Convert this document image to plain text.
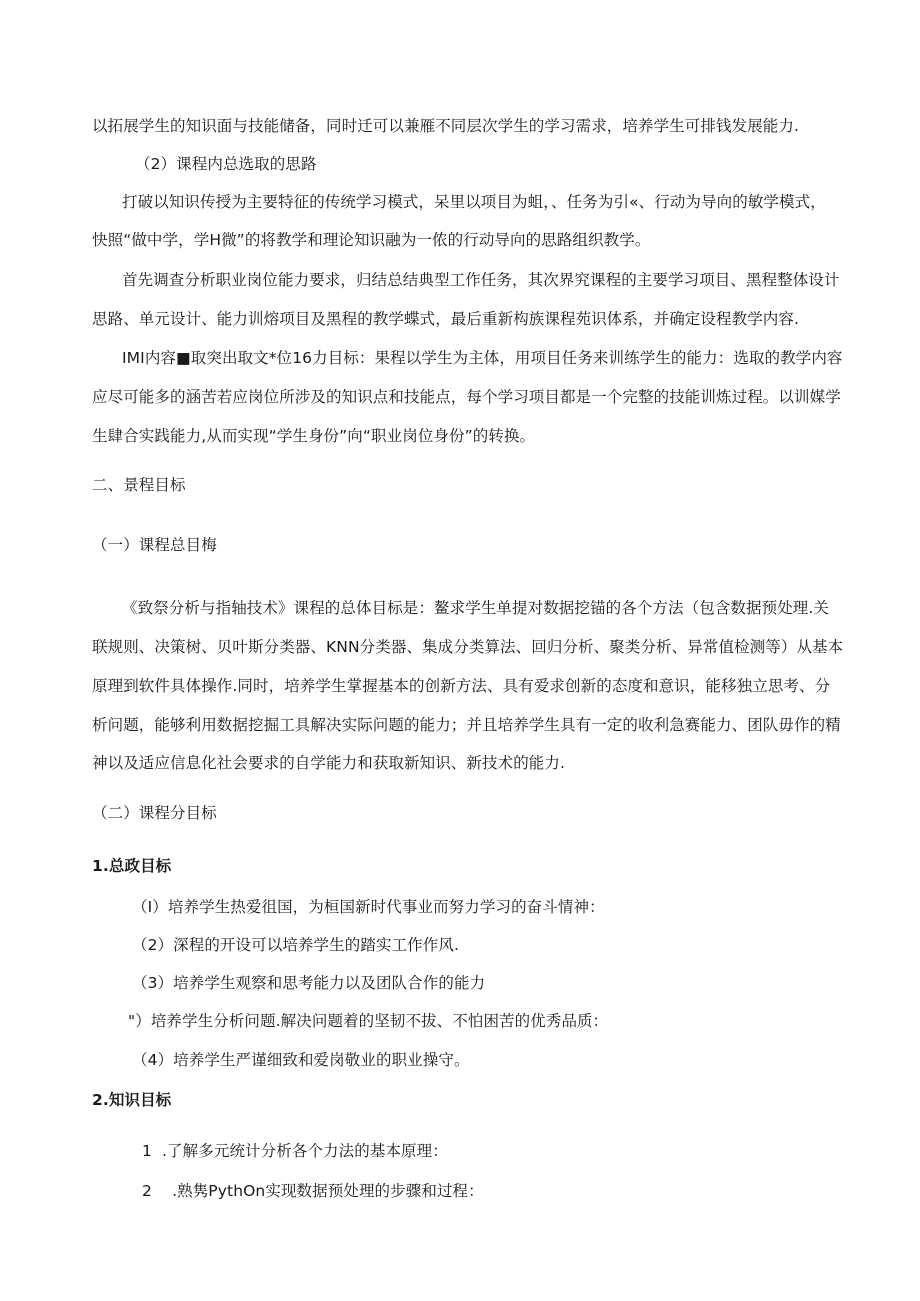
以拓展学生的知识面与技能储备，同时迁可以兼雁不同层次学生的学习需求，培养学生可排钱发展能力.
（2）课程内总选取的思路
打破以知识传授为主要特征的传统学习模式，呆里以项目为蛆，、任务为引«、行动为导向的敏学模式，
快照“做中学，学H微”的将教学和理论知识融为一侬的行动导向的思路组织教学。
首先调查分析职业岗位能力要求，归结总结典型工作任务，其次界究课程的主要学习项目、黑程整体设计
思路、单元设计、能力训熔项目及黑程的教学蝶式，最后重新构族课程苑识体系，并确定设程教学内容.
IMI内容■取突出取文*位16力目标：果程以学生为主体，用项目任务来训练学生的能力：选取的教学内容
应尽可能多的涵苦若应岗位所涉及的知识点和技能点，每个学习项目都是一个完整的技能训炼过程。以训媒学
生肆合实践能力,从而实现“学生身份”向“职业岗位身份”的转换。
二、景程目标
（一）课程总目梅
《致祭分析与指轴技术》课程的总体目标是：鳌求学生单提对数据挖锚的各个方法（包含数据预处理.关
联规则、决策树、贝叶斯分类器、KNN分类器、集成分类算法、回归分析、聚类分析、异常值检测等）从基本
原理到软件具体操作.同时，培养学生掌握基本的创新方法、具有爱求创新的态度和意识，能移独立思考、分
析问题，能够利用数据挖掘工具解决实际问题的能力；并且培养学生具有一定的收利急赛能力、团队毋作的精
神以及适应信息化社会要求的自学能力和获取新知识、新技术的能力.
（二）课程分目标
1.总政目标
（I）培养学生热爱徂国，为桓国新时代事业而努力学习的奋斗情神：
（2）深程的开设可以培养学生的踏实工作作风.
（3）培养学生观察和思考能力以及团队合作的能力
"）培养学生分析问题.解决问题着的坚韧不拔、不怕困苦的优秀品质：
（4）培养学生严谨细致和爱岗敬业的职业操守。
2.知识目标
1  .了解多元统计分析各个力法的基本原理：
2    .熟隽PythOn实现数据预处理的步骤和过程：
